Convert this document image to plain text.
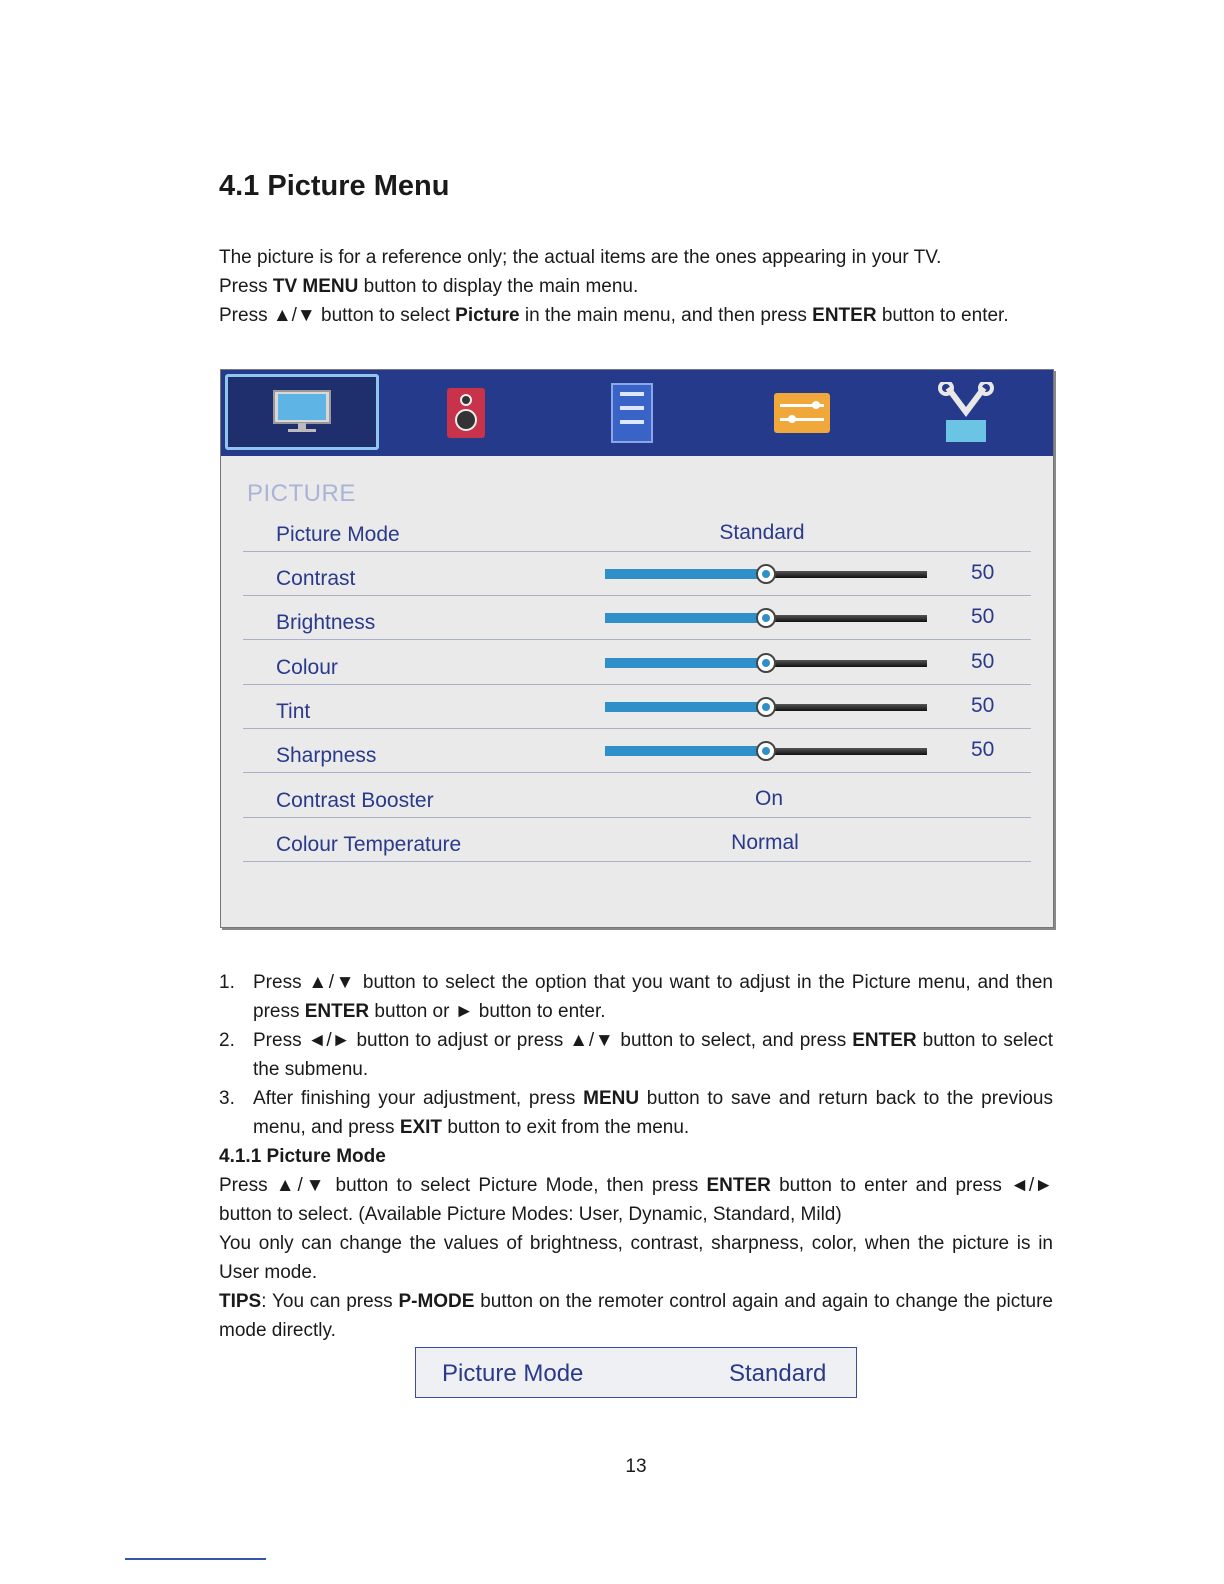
4.1 Picture Menu

The picture is for a reference only; the actual items are the ones appearing in your TV.
Press TV MENU button to display the main menu.
Press ▲/▼ button to select Picture in the main menu, and then press ENTER button to enter.

PICTURE
Picture Mode	Standard
Contrast	50
Brightness	50
Colour	50
Tint	50
Sharpness	50
Contrast Booster	On
Colour Temperature	Normal
1. Press ▲/▼ button to select the option that you want to adjust in the Picture menu, and then press ENTER button or ► button to enter.
2. Press ◄/► button to adjust or press ▲/▼ button to select, and press ENTER button to select the submenu.
3. After finishing your adjustment, press MENU button to save and return back to the previous menu, and press EXIT button to exit from the menu.
4.1.1 Picture Mode
Press ▲/▼ button to select Picture Mode, then press ENTER button to enter and press ◄/► button to select. (Available Picture Modes: User, Dynamic, Standard, Mild)
You only can change the values of brightness, contrast, sharpness, color, when the picture is in User mode.
TIPS: You can press P-MODE button on the remoter control again and again to change the picture mode directly.
Picture Mode	Standard
13
